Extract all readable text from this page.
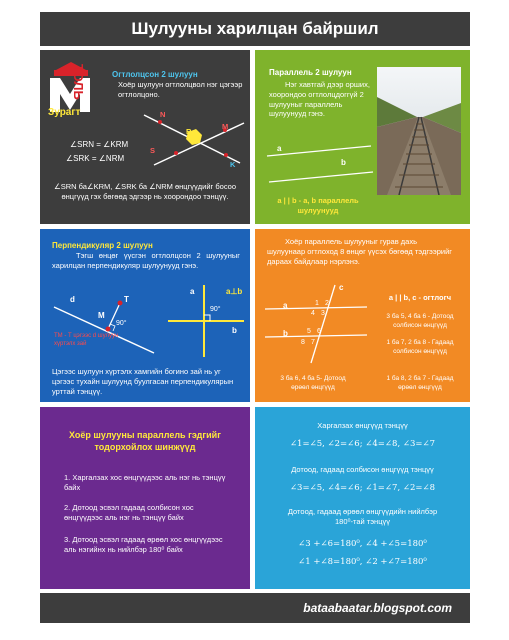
Шулууны харилцан байршил
ТОЛЬ
Зурагт
Огтлолцсон 2 шулуун
Хоёр шулуун огтлолцвол нэг цэгээр огтлолцоно.
N
M
R
S
K
∠SRN = ∠KRM
∠SRK = ∠NRM
∠SRN ба∠KRM, ∠SRK ба ∠NRM өнцгүүдийг босоо өнцгүүд гэх бөгөөд эдгээр нь хоорондоо тэнцүү.
Параллель 2 шулуун
Нэг хавтгай дээр орших, хоорондоо огтлолцдоггүй 2 шулууныг параллель шулуунууд гэнэ.
a
b
a | | b - a, b параллель шулуунууд
Перпендикуляр 2 шулуун
Тэгш өнцөг үүсгэн огтлолцсон 2 шулууныг харилцан перпендикуляр шулуунууд гэнэ.
d	T
M
90°
TM - Т цэгээс d шулуун хүртэлх зай
a
b
90°
a⊥b
Цэгээс шулуун хүртэлх хамгийн богино зай нь уг цэгээс тухайн шулуунд буулгасан перпендикулярын урттай тэнцүү.
Хоёр параллель шулууныг гурав дахь шулуунаар огтлоход 8 өнцөг үүсэх бөгөөд тэдгээрийг дараах байдлаар нэрлэнэ.
a
b
c
1 2
3
4
5 6
7
8
a | | b, c - огтлогч
3 ба 5, 4 ба 6 - Дотоод
солбисон өнцгүүд
1 ба 7, 2 ба 8 - Гадаад
солбисон өнцгүүд
3 ба 6, 4 ба 5- Дотоод
өрөөл өнцгүүд
1 ба 8, 2 ба 7 - Гадаад
өрөөл өнцгүүд
Хоёр шулууны параллель гэдгийг тодорхойлох шинжүүд
1. Харгалзах хос өнцгүүдээс аль нэг нь тэнцүү байх
2. Дотоод эсвэл гадаад солбисон хос өнцгүүдээс аль нэг нь тэнцүү байх
3. Дотоод эсвэл гадаад өрөөл хос өнцгүүдээс аль нэгийнх нь нийлбэр 180⁰ байх
Харгалзах өнцгүүд тэнцүү
∠1=∠5, ∠2=∠6; ∠4=∠8, ∠3=∠7
Дотоод, гадаад солбисон өнцгүүд тэнцүү
∠3=∠5, ∠4=∠6; ∠1=∠7, ∠2=∠8
Дотоод, гадаад өрөөл өнцгүүдийн нийлбэр 180⁰-тай тэнцүү
∠3 +∠6=180⁰, ∠4 +∠5=180⁰
∠1 +∠8=180⁰, ∠2 +∠7=180⁰
bataabaatar.blogspot.com
